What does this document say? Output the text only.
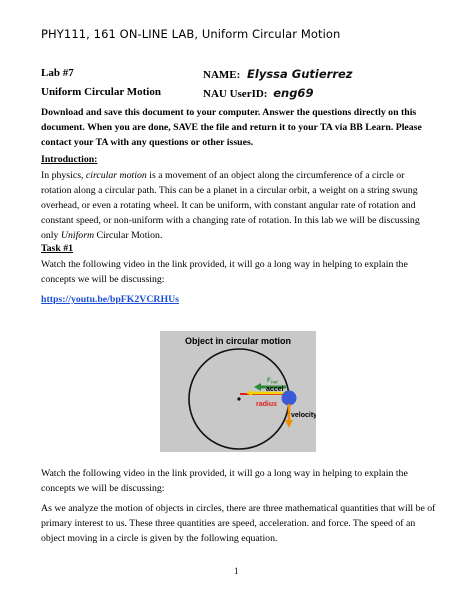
PHY111, 161 ON-LINE LAB, Uniform Circular Motion
Lab #7	NAME: Elyssa Gutierrez
Uniform Circular Motion	NAU UserID: eng69
Download and save this document to your computer. Answer the questions directly on this document. When you are done, SAVE the file and return it to your TA via BB Learn. Please contact your TA with any questions or other issues.
Introduction:
In physics, circular motion is a movement of an object along the circumference of a circle or rotation along a circular path. This can be a planet in a circular orbit, a weight on a string swung overhead, or even a rotating wheel. It can be uniform, with constant angular rate of rotation and constant speed, or non-uniform with a changing rate of rotation. In this lab we will be discussing only Uniform Circular Motion.
Task #1
Watch the following video in the link provided, it will go a long way in helping to explain the concepts we will be discussing:
https://youtu.be/bpFK2VCRHUs
Object in circular motion
$F_{net}$
accel
radius
velocity
Watch the following video in the link provided, it will go a long way in helping to explain the concepts we will be discussing:
As we analyze the motion of objects in circles, there are three mathematical quantities that will be of primary interest to us. These three quantities are speed, acceleration. and force. The speed of an object moving in a circle is given by the following equation.
1
